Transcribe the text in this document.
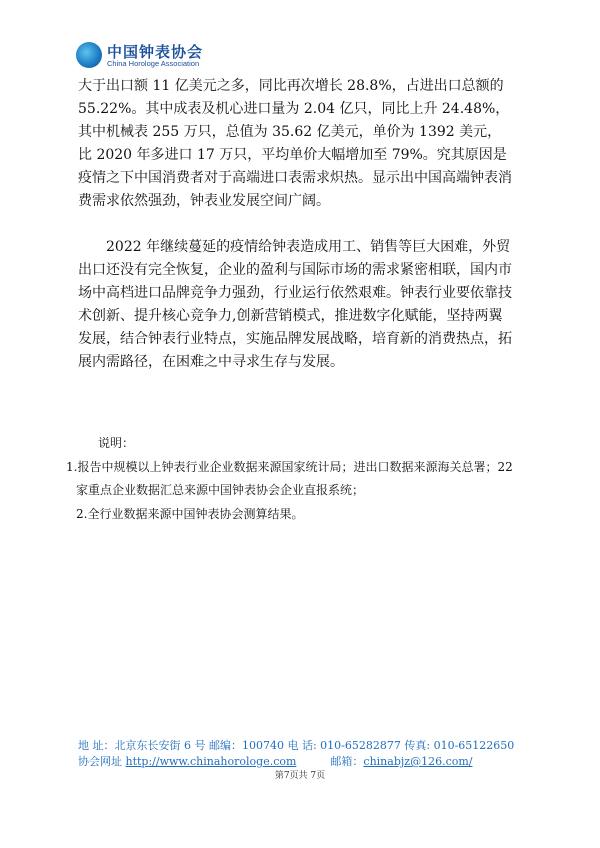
中国钟表协会
China Horologe Association

大于出口额 11 亿美元之多，同比再次增长 28.8%，占进出口总额的 55.22%。其中成表及机心进口量为 2.04 亿只，同比上升 24.48%，其中机械表 255 万只，总值为 35.62 亿美元，单价为 1392 美元，比 2020 年多进口 17 万只，平均单价大幅增加至 79%。究其原因是疫情之下中国消费者对于高端进口表需求炽热。显示出中国高端钟表消费需求依然强劲，钟表业发展空间广阔。

2022 年继续蔓延的疫情给钟表造成用工、销售等巨大困难，外贸出口还没有完全恢复，企业的盈利与国际市场的需求紧密相联，国内市场中高档进口品牌竞争力强劲，行业运行依然艰难。钟表行业要依靠技术创新、提升核心竞争力,创新营销模式，推进数字化赋能，坚持两翼发展，结合钟表行业特点，实施品牌发展战略，培育新的消费热点，拓展内需路径，在困难之中寻求生存与发展。

说明：
1.报告中规模以上钟表行业企业数据来源国家统计局；进出口数据来源海关总署；22
家重点企业数据汇总来源中国钟表协会企业直报系统；
2.全行业数据来源中国钟表协会测算结果。
地 址：北京东长安街 6 号 邮编：100740 电 话: 010-65282877 传真: 010-65122650
协会网址 http://www.chinahorologe.com	邮箱：chinabjz@126.com/
第7页共 7页
